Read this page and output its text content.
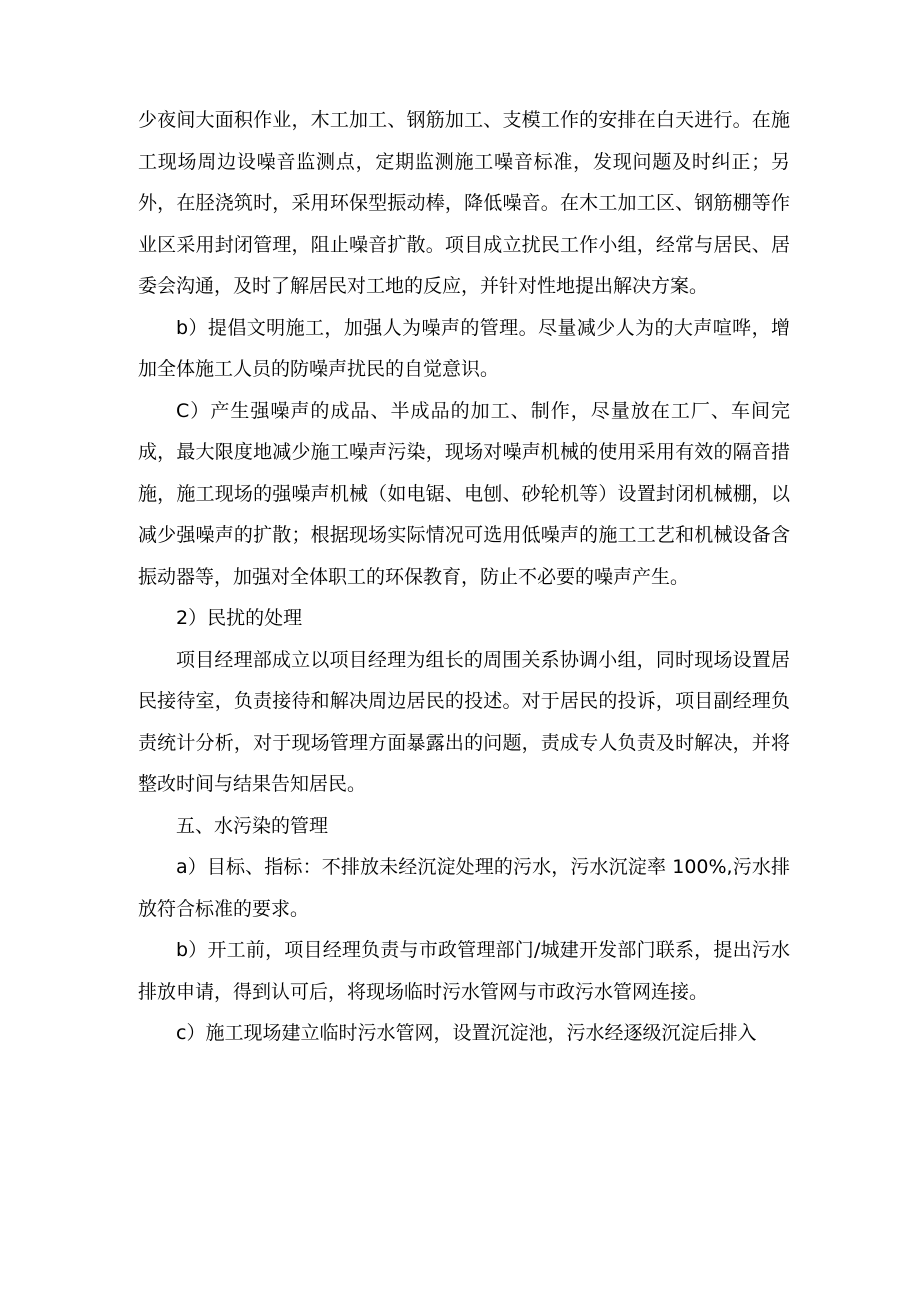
少夜间大面积作业，木工加工、钢筋加工、支模工作的安排在白天进行。在施工现场周边设噪音监测点，定期监测施工噪音标准，发现问题及时纠正；另外，在胫浇筑时，采用环保型振动棒，降低噪音。在木工加工区、钢筋棚等作业区采用封闭管理，阻止噪音扩散。项目成立扰民工作小组，经常与居民、居委会沟通，及时了解居民对工地的反应，并针对性地提出解决方案。

b）提倡文明施工，加强人为噪声的管理。尽量减少人为的大声喧哗，增加全体施工人员的防噪声扰民的自觉意识。

C）产生强噪声的成品、半成品的加工、制作，尽量放在工厂、车间完成，最大限度地减少施工噪声污染，现场对噪声机械的使用采用有效的隔音措施，施工现场的强噪声机械（如电锯、电刨、砂轮机等）设置封闭机械棚，以减少强噪声的扩散；根据现场实际情况可选用低噪声的施工工艺和机械设备含振动器等，加强对全体职工的环保教育，防止不必要的噪声产生。

2）民扰的处理

项目经理部成立以项目经理为组长的周围关系协调小组，同时现场设置居民接待室，负责接待和解决周边居民的投述。对于居民的投诉，项目副经理负责统计分析，对于现场管理方面暴露出的问题，责成专人负责及时解决，并将整改时间与结果告知居民。

五、水污染的管理

a）目标、指标：不排放未经沉淀处理的污水，污水沉淀率 100%,污水排放符合标准的要求。

b）开工前，项目经理负责与市政管理部门/城建开发部门联系，提出污水排放申请，得到认可后，将现场临时污水管网与市政污水管网连接。

c）施工现场建立临时污水管网，设置沉淀池，污水经逐级沉淀后排入
